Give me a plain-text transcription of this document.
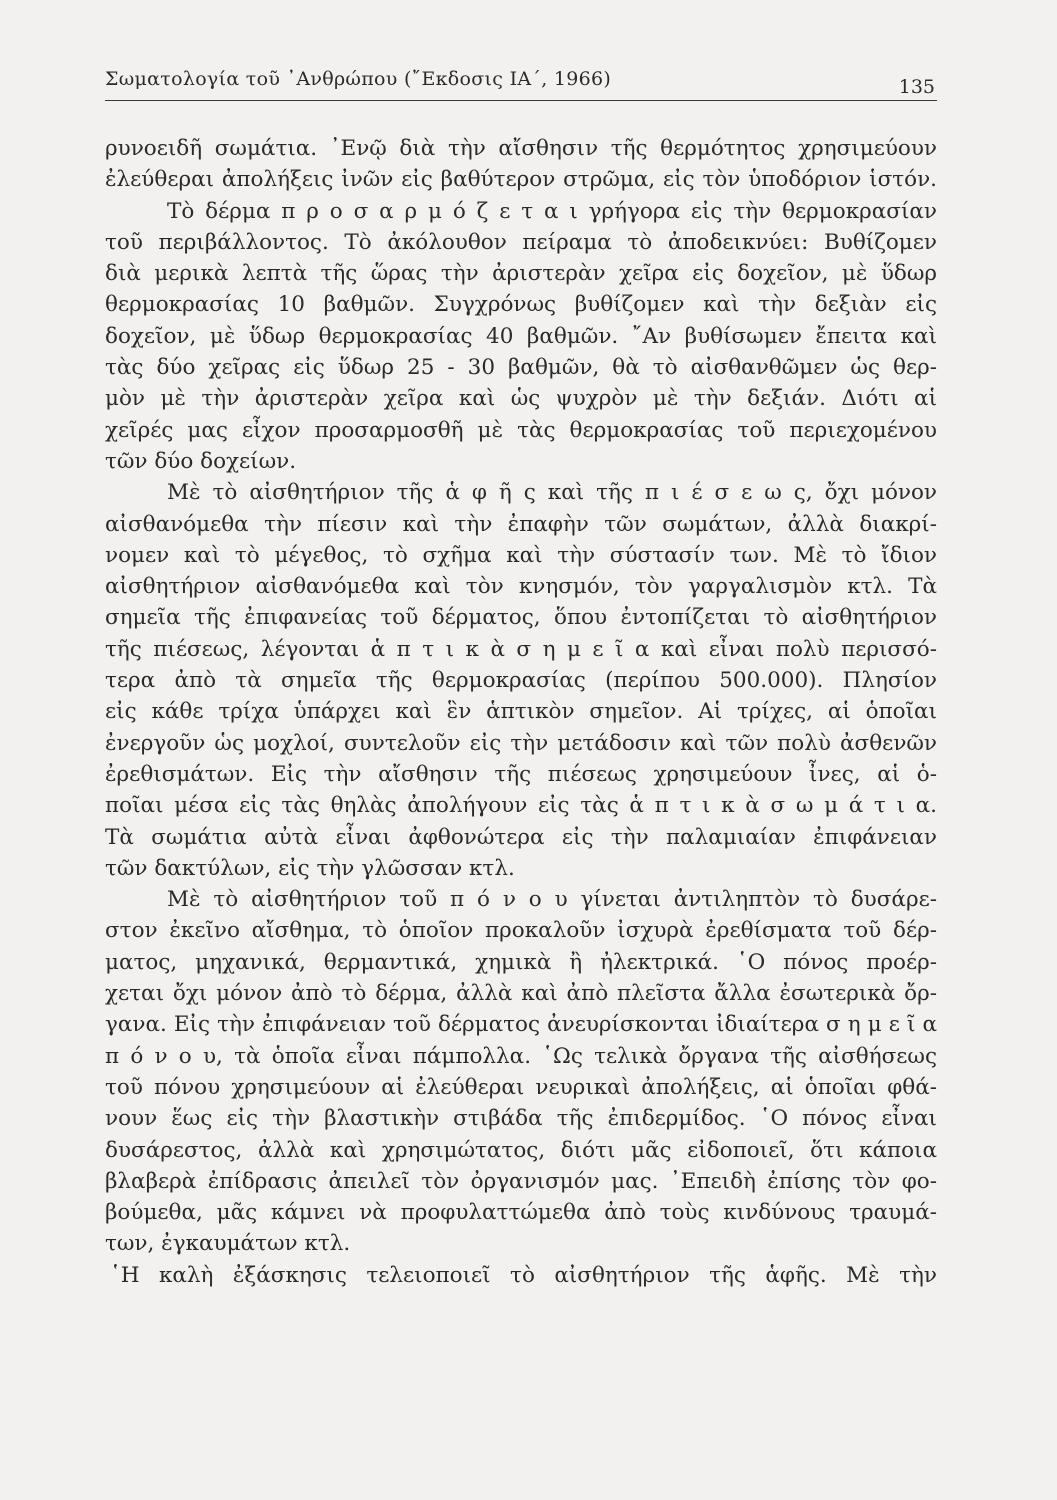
Σωματολογία τοῦ ᾿Ανθρώπου (῎Εκδοσις ΙΑ΄, 1966)	135
ρυνοειδῆ σωμάτια. ᾿Ενῷ διὰ τὴν αἴσθησιν τῆς θερμότητος χρησιμεύουν
ἐλεύθεραι ἀπολήξεις ἰνῶν εἰς βαθύτερον στρῶμα, εἰς τὸν ὑποδόριον ἱστόν.
Τὸ δέρμα π ρ ο σ α ρ μ ό ζ ε τ α ι γρήγορα εἰς τὴν θερμοκρασίαν
τοῦ περιβάλλοντος. Τὸ ἀκόλουθον πείραμα τὸ ἀποδεικνύει: Βυθίζομεν
διὰ μερικὰ λεπτὰ τῆς ὥρας τὴν ἀριστερὰν χεῖρα εἰς δοχεῖον, μὲ ὕδωρ
θερμοκρασίας 10 βαθμῶν. Συγχρόνως βυθίζομεν καὶ τὴν δεξιὰν εἰς
δοχεῖον, μὲ ὕδωρ θερμοκρασίας 40 βαθμῶν. ῎Αν βυθίσωμεν ἔπειτα καὶ
τὰς δύο χεῖρας εἰς ὕδωρ 25 - 30 βαθμῶν, θὰ τὸ αἰσθανθῶμεν ὡς θερ-
μὸν μὲ τὴν ἀριστερὰν χεῖρα καὶ ὡς ψυχρὸν μὲ τὴν δεξιάν. Διότι αἱ
χεῖρές μας εἶχον προσαρμοσθῆ μὲ τὰς θερμοκρασίας τοῦ περιεχομένου
τῶν δύο δοχείων.
Μὲ τὸ αἰσθητήριον τῆς ἁ φ ῆ ς καὶ τῆς π ι έ σ ε ω ς, ὄχι μόνον
αἰσθανόμεθα τὴν πίεσιν καὶ τὴν ἐπαφὴν τῶν σωμάτων, ἀλλὰ διακρί-
νομεν καὶ τὸ μέγεθος, τὸ σχῆμα καὶ τὴν σύστασίν των. Μὲ τὸ ἴδιον
αἰσθητήριον αἰσθανόμεθα καὶ τὸν κνησμόν, τὸν γαργαλισμὸν κτλ. Τὰ
σημεῖα τῆς ἐπιφανείας τοῦ δέρματος, ὅπου ἐντοπίζεται τὸ αἰσθητήριον
τῆς πιέσεως, λέγονται ἁ π τ ι κ ὰ σ η μ ε ῖ α καὶ εἶναι πολὺ περισσό-
τερα ἀπὸ τὰ σημεῖα τῆς θερμοκρασίας (περίπου 500.000). Πλησίον
εἰς κάθε τρίχα ὑπάρχει καὶ ἓν ἁπτικὸν σημεῖον. Αἱ τρίχες, αἱ ὁποῖαι
ἐνεργοῦν ὡς μοχλοί, συντελοῦν εἰς τὴν μετάδοσιν καὶ τῶν πολὺ ἀσθενῶν
ἐρεθισμάτων. Εἰς τὴν αἴσθησιν τῆς πιέσεως χρησιμεύουν ἶνες, αἱ ὁ-
ποῖαι μέσα εἰς τὰς θηλὰς ἀπολήγουν εἰς τὰς ἁ π τ ι κ ὰ σ ω μ ά τ ι α.
Τὰ σωμάτια αὐτὰ εἶναι ἀφθονώτερα εἰς τὴν παλαμιαίαν ἐπιφάνειαν
τῶν δακτύλων, εἰς τὴν γλῶσσαν κτλ.
Μὲ τὸ αἰσθητήριον τοῦ π ό ν ο υ γίνεται ἀντιληπτὸν τὸ δυσάρε-
στον ἐκεῖνο αἴσθημα, τὸ ὁποῖον προκαλοῦν ἰσχυρὰ ἐρεθίσματα τοῦ δέρ-
ματος, μηχανικά, θερμαντικά, χημικὰ ἢ ἠλεκτρικά. ῾Ο πόνος προέρ-
χεται ὄχι μόνον ἀπὸ τὸ δέρμα, ἀλλὰ καὶ ἀπὸ πλεῖστα ἄλλα ἐσωτερικὰ ὄρ-
γανα. Εἰς τὴν ἐπιφάνειαν τοῦ δέρματος ἀνευρίσκονται ἰδιαίτερα σ η μ ε ῖ α
π ό ν ο υ, τὰ ὁποῖα εἶναι πάμπολλα. ῾Ως τελικὰ ὄργανα τῆς αἰσθήσεως
τοῦ πόνου χρησιμεύουν αἱ ἐλεύθεραι νευρικαὶ ἀπολήξεις, αἱ ὁποῖαι φθά-
νουν ἕως εἰς τὴν βλαστικὴν στιβάδα τῆς ἐπιδερμίδος. ῾Ο πόνος εἶναι
δυσάρεστος, ἀλλὰ καὶ χρησιμώτατος, διότι μᾶς εἰδοποιεῖ, ὅτι κάποια
βλαβερὰ ἐπίδρασις ἀπειλεῖ τὸν ὀργανισμόν μας. ᾿Επειδὴ ἐπίσης τὸν φο-
βούμεθα, μᾶς κάμνει νὰ προφυλαττώμεθα ἀπὸ τοὺς κινδύνους τραυμά-
των, ἐγκαυμάτων κτλ.
῾Η καλὴ ἐξάσκησις τελειοποιεῖ τὸ αἰσθητήριον τῆς ἁφῆς. Μὲ τὴν
